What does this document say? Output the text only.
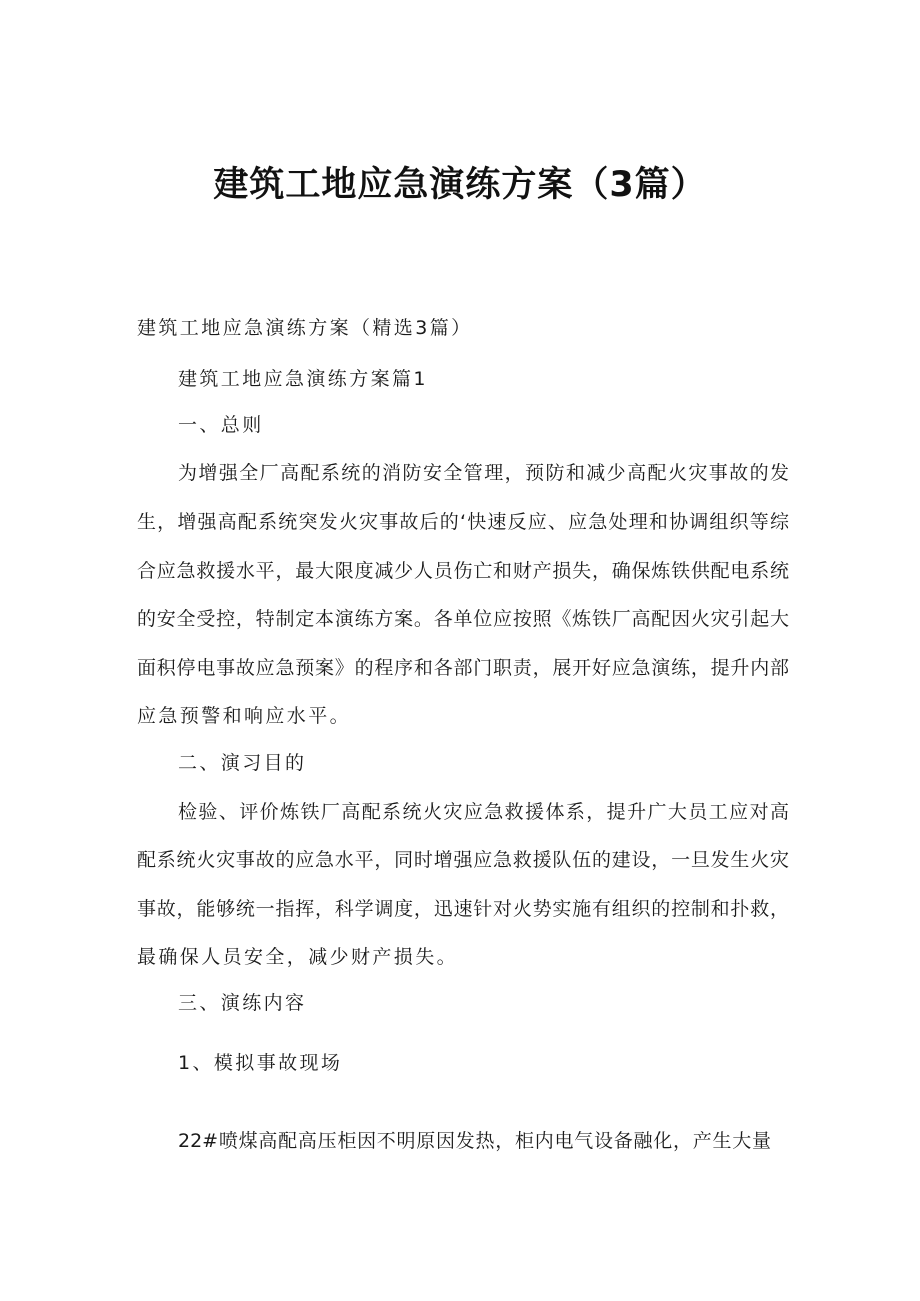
建筑工地应急演练方案（3篇）
建筑工地应急演练方案（精选3篇）
建筑工地应急演练方案篇1
一、总则
为增强全厂高配系统的消防安全管理，预防和减少高配火灾事故的发
生，增强高配系统突发火灾事故后的‘快速反应、应急处理和协调组织等综
合应急救援水平，最大限度减少人员伤亡和财产损失，确保炼铁供配电系统
的安全受控，特制定本演练方案。各单位应按照《炼铁厂高配因火灾引起大
面积停电事故应急预案》的程序和各部门职责，展开好应急演练，提升内部
应急预警和响应水平。
二、演习目的
检验、评价炼铁厂高配系统火灾应急救援体系，提升广大员工应对高
配系统火灾事故的应急水平，同时增强应急救援队伍的建设，一旦发生火灾
事故，能够统一指挥，科学调度，迅速针对火势实施有组织的控制和扑救，
最确保人员安全，减少财产损失。
三、演练内容
1、模拟事故现场
22#喷煤高配高压柜因不明原因发热，柜内电气设备融化，产生大量
